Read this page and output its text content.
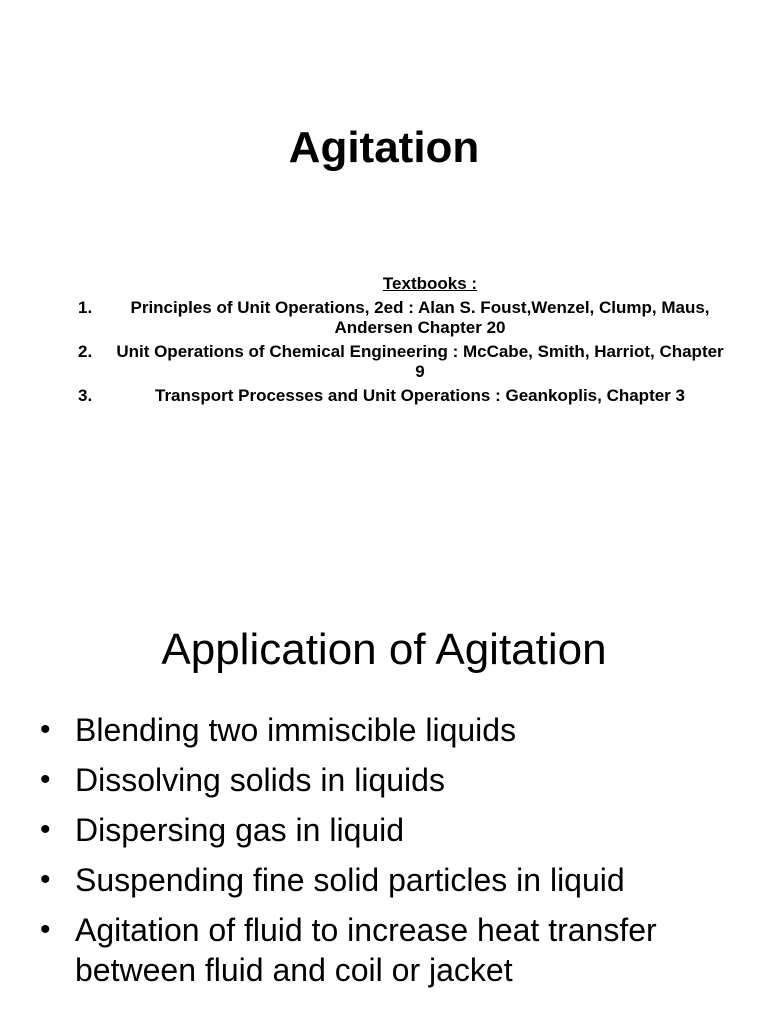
Agitation
Textbooks :
1.	Principles of Unit Operations, 2ed : Alan S. Foust,Wenzel, Clump, Maus, Andersen Chapter 20
2.	Unit Operations of Chemical Engineering : McCabe, Smith, Harriot, Chapter 9
3.	Transport Processes and Unit Operations : Geankoplis, Chapter 3
Application of Agitation
• Blending two immiscible liquids
• Dissolving solids in liquids
• Dispersing gas in liquid
• Suspending fine solid particles in liquid
• Agitation of fluid to increase heat transfer between fluid and coil or jacket
